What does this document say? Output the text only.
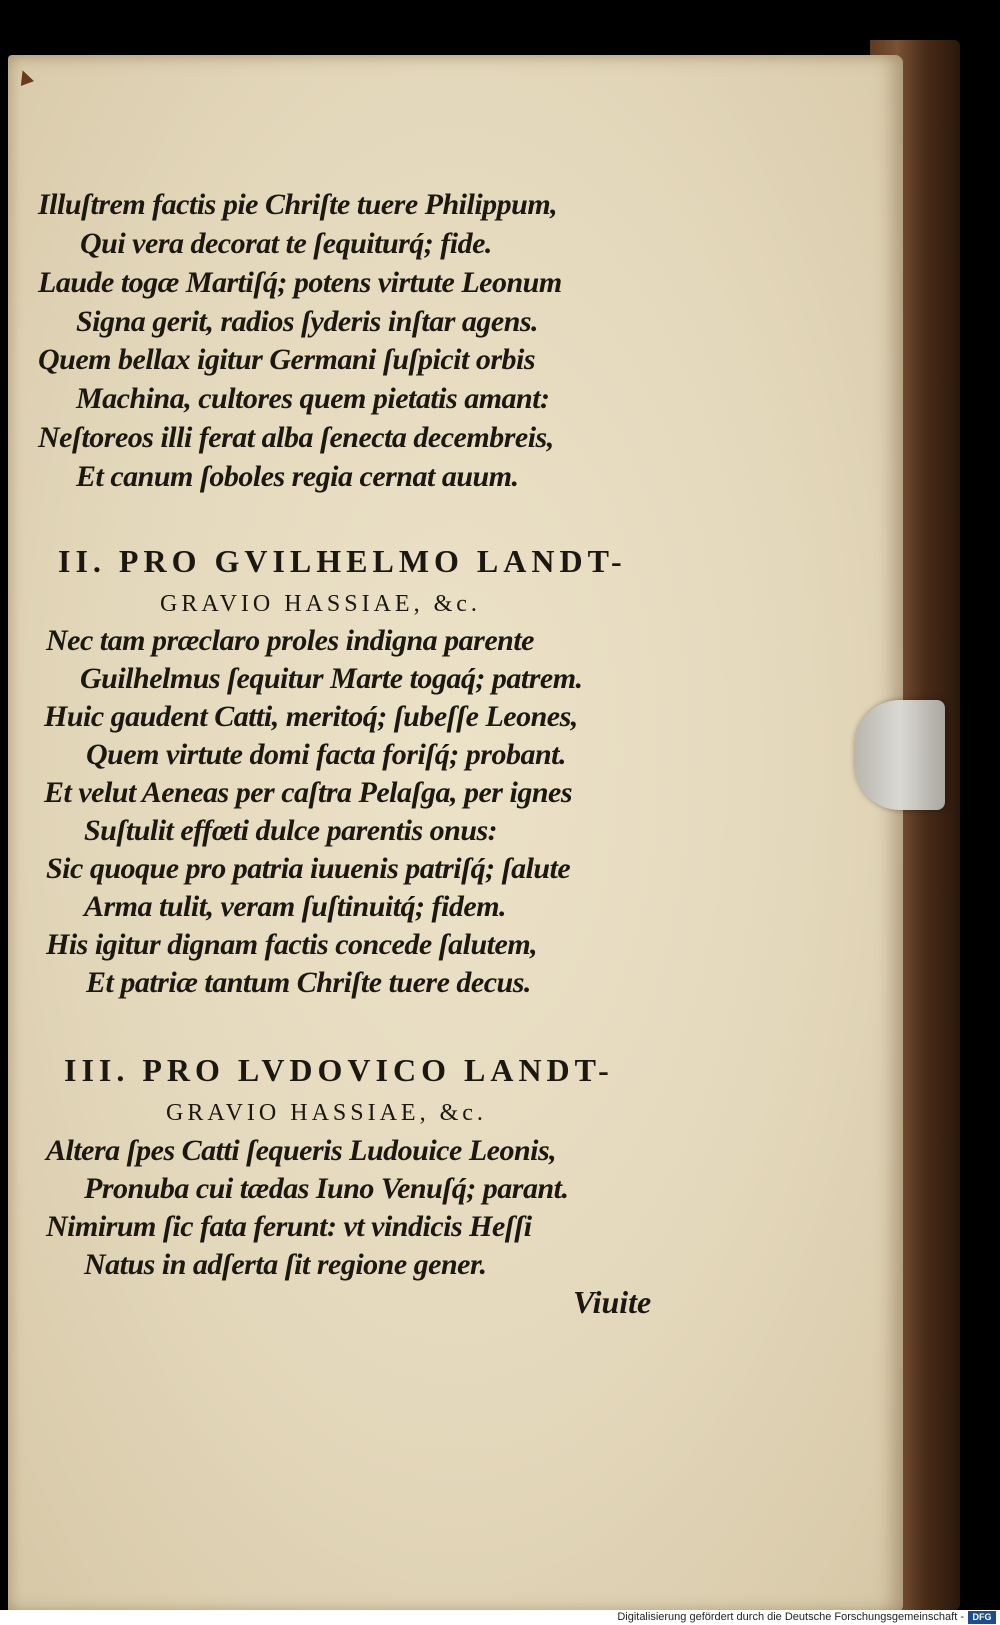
Illuſtrem factis pie Chriſte tuere Philippum,
Qui vera decorat te ſequiturq́; fide.
Laude togæ Martiſq́; potens virtute Leonum
Signa gerit, radios ſyderis inſtar agens.
Quem bellax igitur Germani ſuſpicit orbis
Machina, cultores quem pietatis amant:
Neſtoreos illi ferat alba ſenecta decembreis,
Et canum ſoboles regia cernat auum.
II. PRO GVILHELMO LANDT-
GRAVIO HASSIAE, &c.
Nec tam præclaro proles indigna parente
Guilhelmus ſequitur Marte togaq́; patrem.
Huic gaudent Catti, meritoq́; ſubeſſe Leones,
Quem virtute domi facta foriſq́; probant.
Et velut Aeneas per caſtra Pelaſga, per ignes
Suſtulit effœti dulce parentis onus:
Sic quoque pro patria iuuenis patriſq́; ſalute
Arma tulit, veram ſuſtinuitq́; fidem.
His igitur dignam factis concede ſalutem,
Et patriæ tantum Chriſte tuere decus.
III. PRO LVDOVICO LANDT-
GRAVIO HASSIAE, &c.
Altera ſpes Catti ſequeris Ludouice Leonis,
Pronuba cui tædas Iuno Venuſq́; parant.
Nimirum ſic fata ferunt: vt vindicis Heſſi
Natus in adſerta ſit regione gener.
Viuite
Digitalisierung gefördert durch die Deutsche Forschungsgemeinschaft - DFG
